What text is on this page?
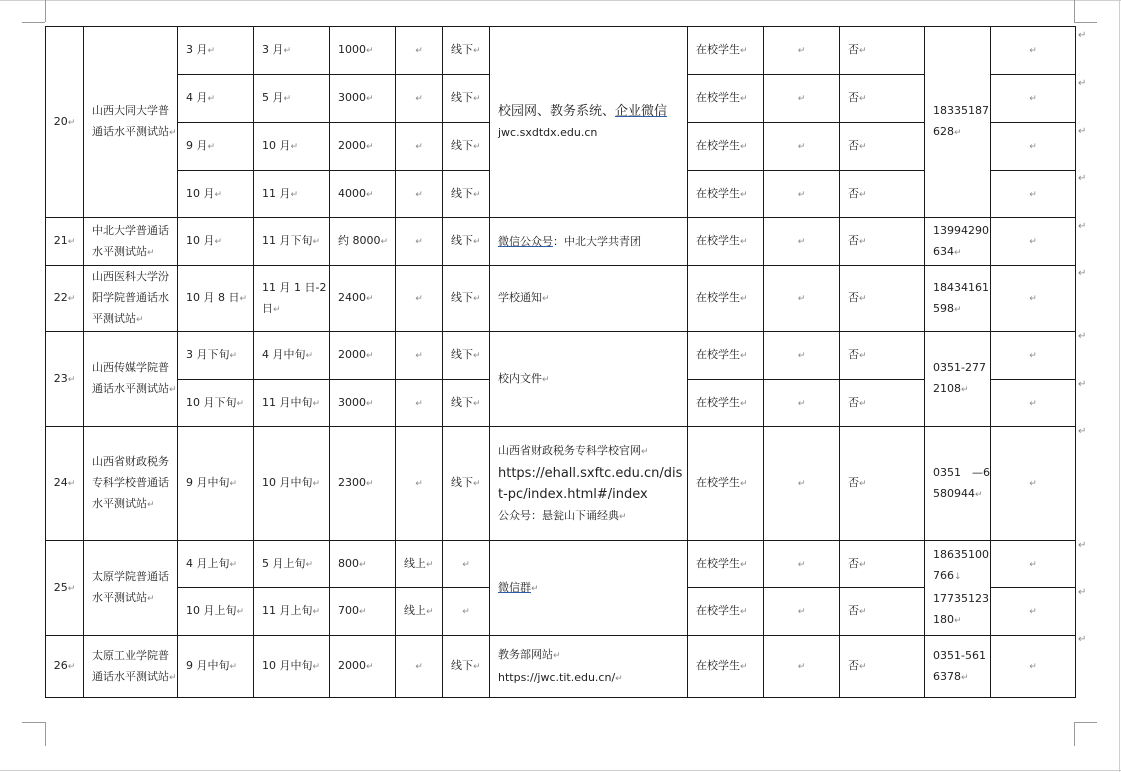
20↵	山西大同大学普通话水平测试站↵	3 月↵	3 月↵	1000↵	↵	线下↵	校园网、教务系统、企业微信
jwc.sxdtdx.edu.cn	在校学生↵	↵	否↵	18335187628↵	↵
		4 月↵	5 月↵	3000↵	↵	线下↵		在校学生↵	↵	否↵		↵
		9 月↵	10 月↵	2000↵	↵	线下↵		在校学生↵	↵	否↵		↵
		10 月↵	11 月↵	4000↵	↵	线下↵		在校学生↵	↵	否↵		↵
21↵	中北大学普通话水平测试站↵	10 月↵	11 月下旬↵	约 8000↵	↵	线下↵	微信公众号：中北大学共青团	在校学生↵	↵	否↵	13994290634↵	↵
22↵	山西医科大学汾阳学院普通话水平测试站↵	10 月 8 日↵	11 月 1 日-2 日↵	2400↵	↵	线下↵	学校通知↵	在校学生↵	↵	否↵	18434161598↵	↵
23↵	山西传媒学院普通话水平测试站↵	3 月下旬↵	4 月中旬↵	2000↵	↵	线下↵	校内文件↵	在校学生↵	↵	否↵	0351-2772108↵	↵
		10 月下旬↵	11 月中旬↵	3000↵	↵	线下↵		在校学生↵	↵	否↵		↵
24↵	山西省财政税务专科学校普通话水平测试站↵	9 月中旬↵	10 月中旬↵	2300↵	↵	线下↵	山西省财政税务专科学校官网↵
https://ehall.sxftc.edu.cn/dist-pc/index.html#/index
公众号：悬瓮山下诵经典↵	在校学生↵	↵	否↵	0351　—6580944↵	↵
25↵	太原学院普通话水平测试站↵	4 月上旬↵	5 月上旬↵	800↵	线上↵	↵	微信群↵	在校学生↵	↵	否↵	18635100766↓
17735123180↵	↵
		10 月上旬↵	11 月上旬↵	700↵	线上↵	↵		在校学生↵	↵	否↵		↵
26↵	太原工业学院普通话水平测试站↵	9 月中旬↵	10 月中旬↵	2000↵	↵	线下↵	教务部网站↵
https://jwc.tit.edu.cn/↵	在校学生↵	↵	否↵	0351-5616378↵	↵
↵
↵
↵
↵
↵
↵
↵
↵
↵
↵
↵
↵
